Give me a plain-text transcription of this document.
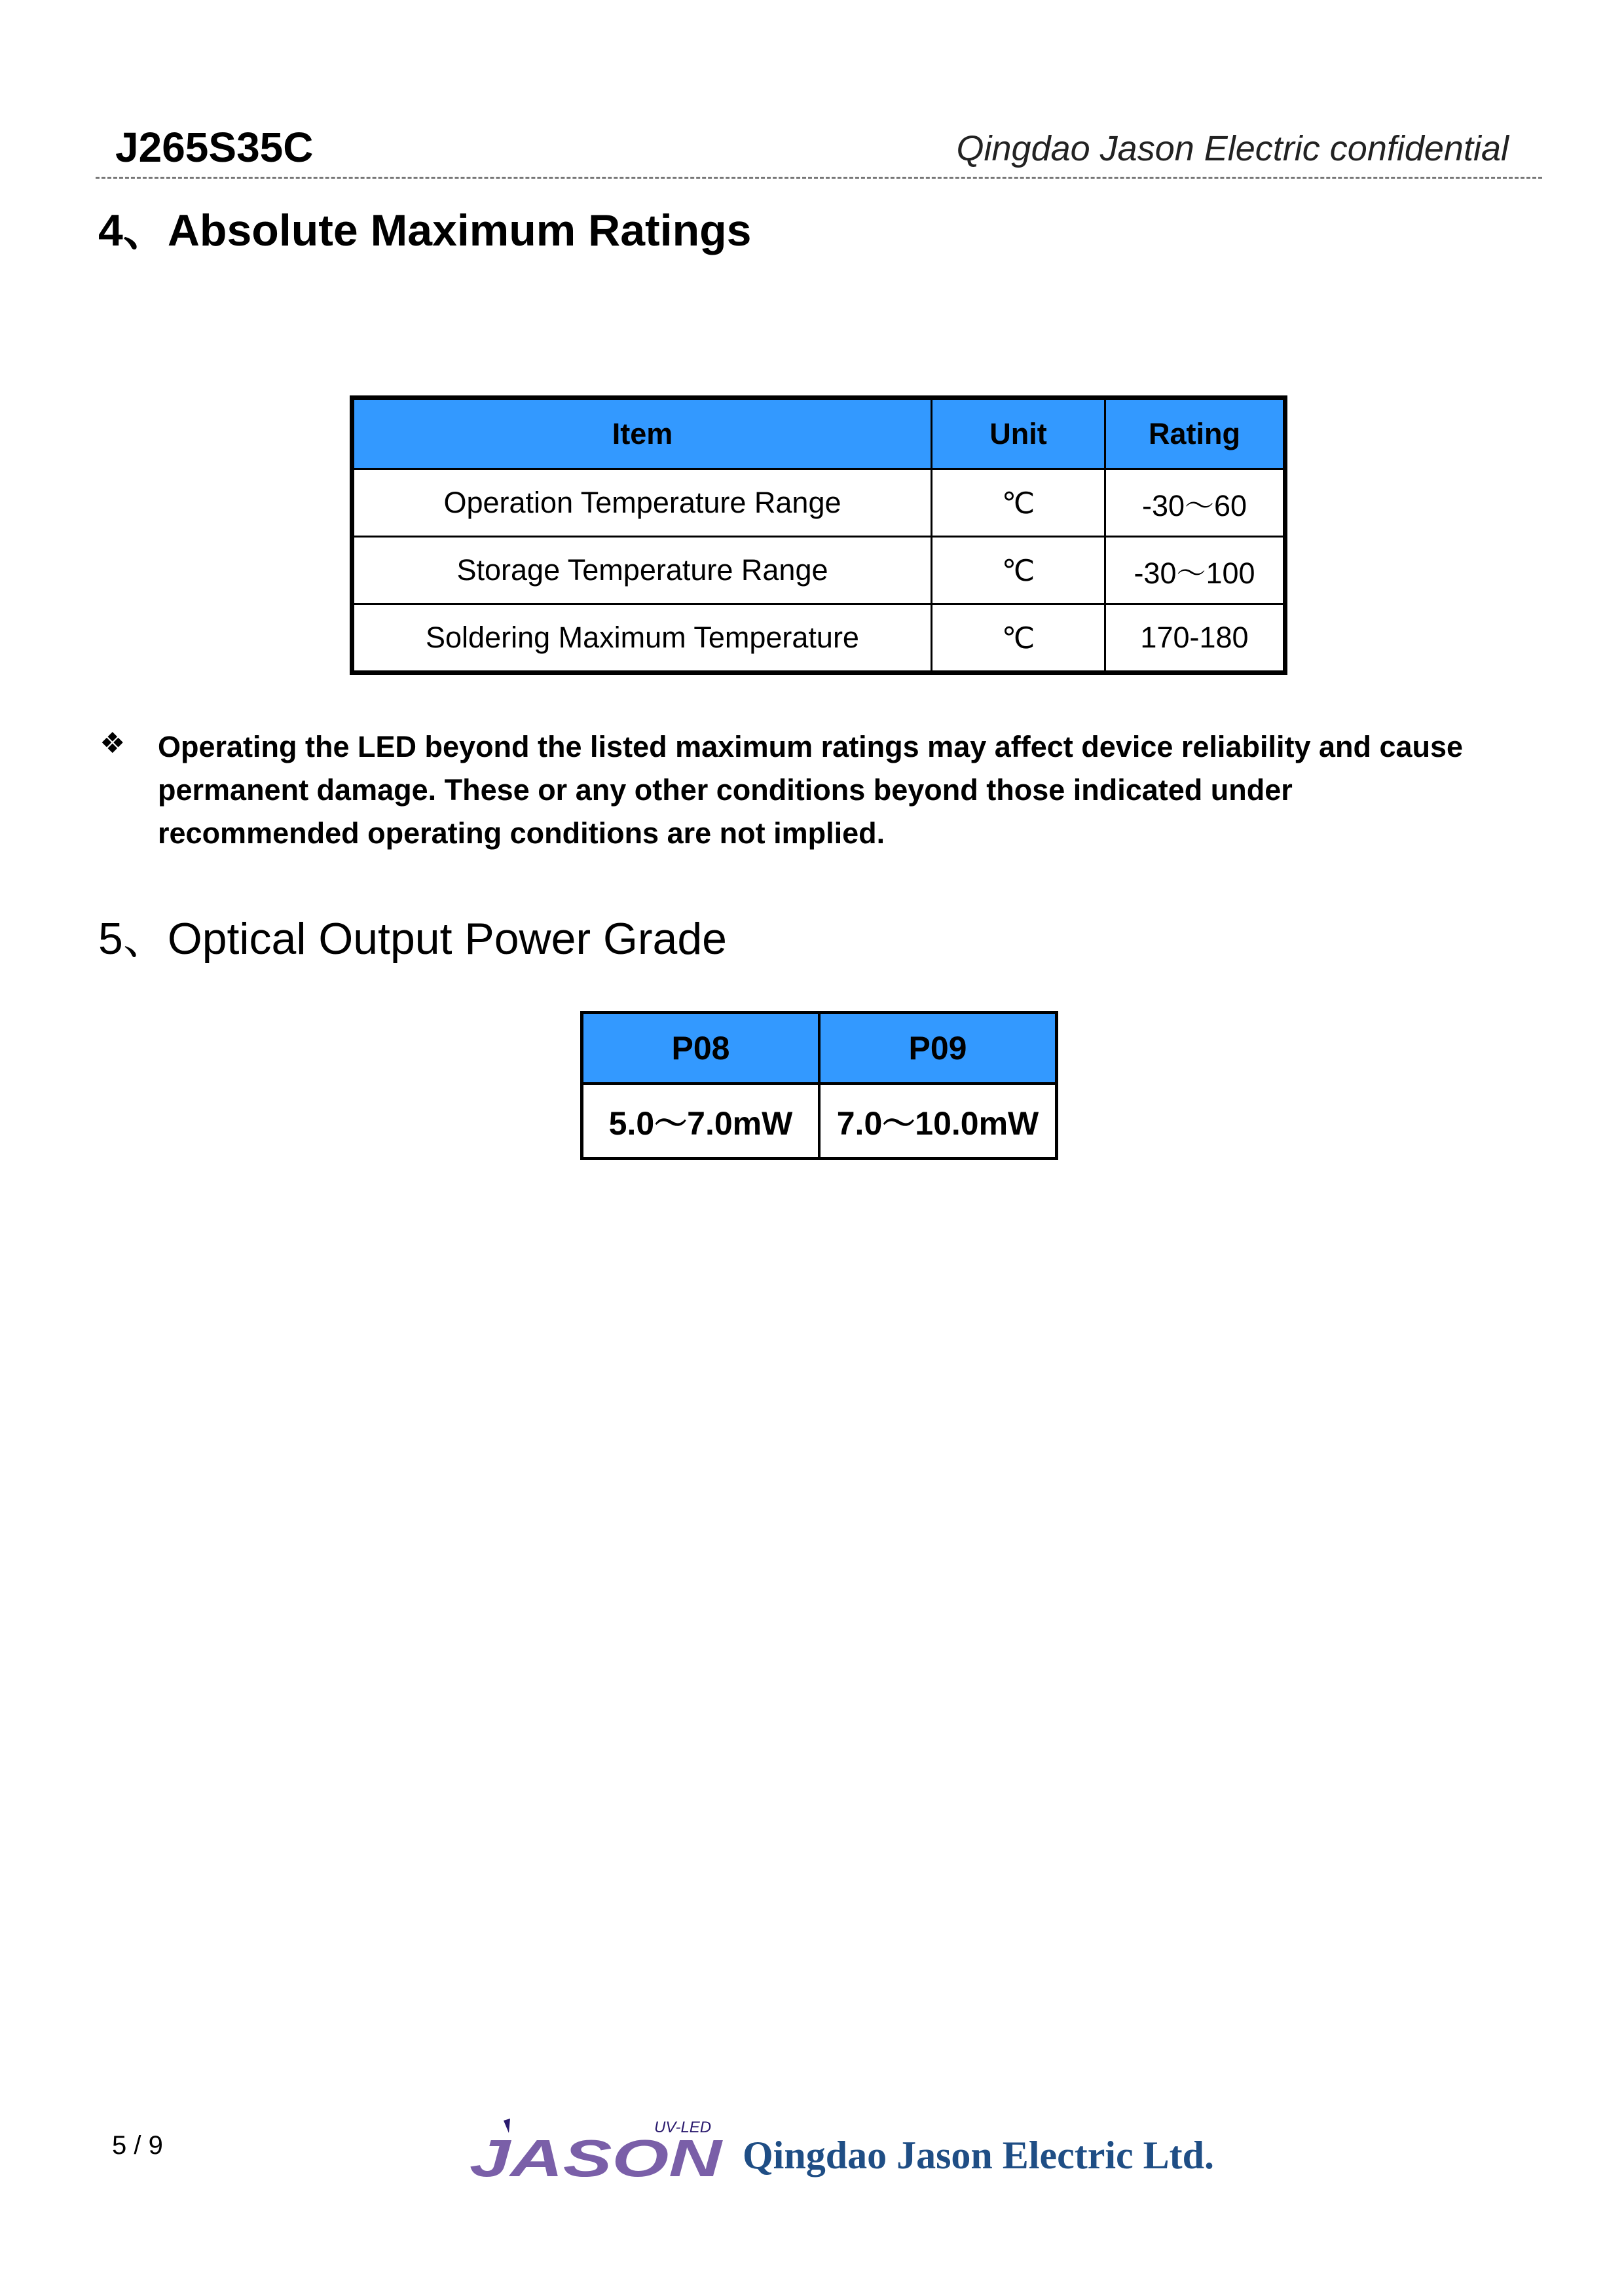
J265S35C	Qingdao Jason Electric confidential
4、Absolute Maximum Ratings
Item	Unit	Rating
Operation Temperature Range	℃	-30～60
Storage Temperature Range	℃	-30～100
Soldering Maximum Temperature	℃	170-180
❖ Operating the LED beyond the listed maximum ratings may affect device reliability and cause permanent damage. These or any other conditions beyond those indicated under recommended operating conditions are not implied.
5、Optical Output Power Grade
P08	P09
5.0～7.0mW	7.0～10.0mW
5 / 9
UV-LED
JASON Qingdao Jason Electric Ltd.
